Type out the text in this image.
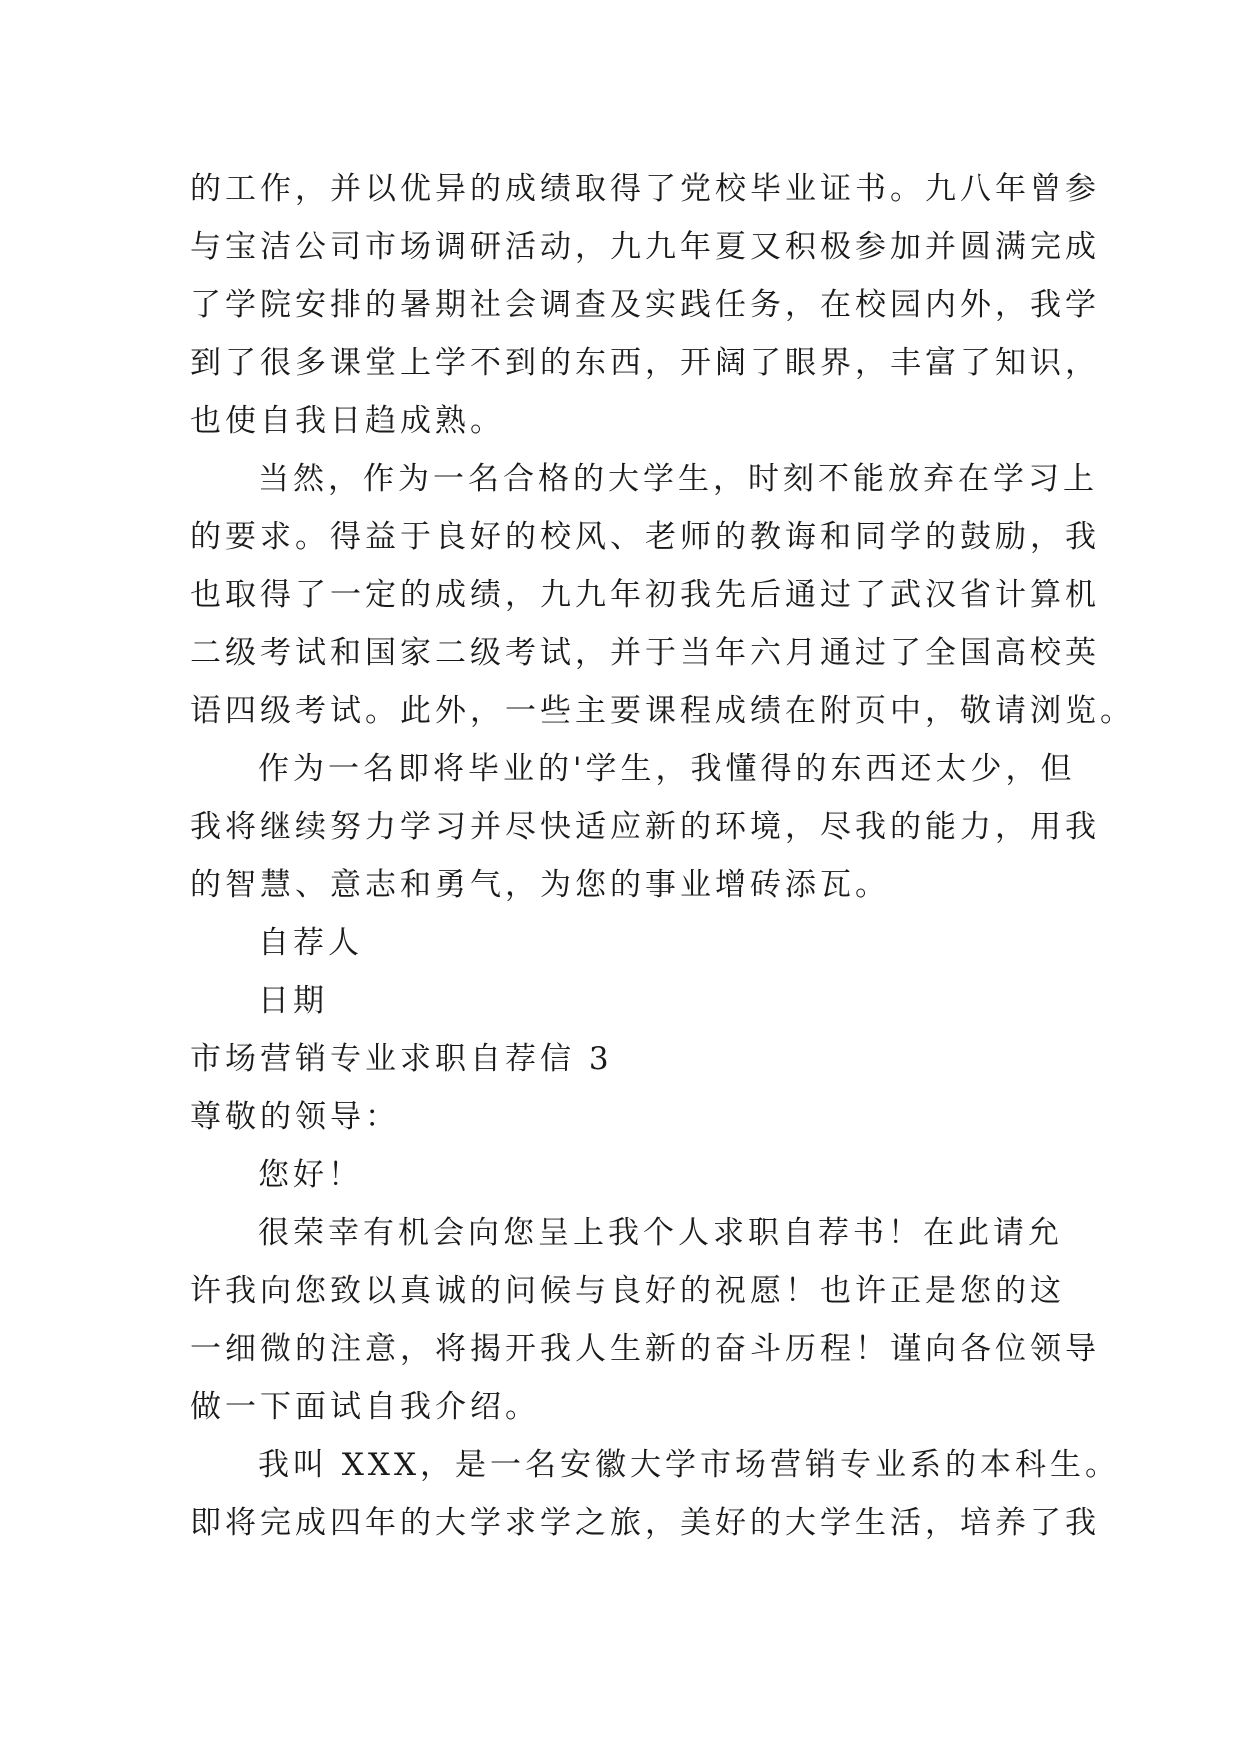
的工作，并以优异的成绩取得了党校毕业证书。九八年曾参
与宝洁公司市场调研活动，九九年夏又积极参加并圆满完成
了学院安排的暑期社会调查及实践任务，在校园内外，我学
到了很多课堂上学不到的东西，开阔了眼界，丰富了知识，
也使自我日趋成熟。
当然，作为一名合格的大学生，时刻不能放弃在学习上
的要求。得益于良好的校风、老师的教诲和同学的鼓励，我
也取得了一定的成绩，九九年初我先后通过了武汉省计算机
二级考试和国家二级考试，并于当年六月通过了全国高校英
语四级考试。此外，一些主要课程成绩在附页中，敬请浏览。
作为一名即将毕业的'学生，我懂得的东西还太少，但
我将继续努力学习并尽快适应新的环境，尽我的能力，用我
的智慧、意志和勇气，为您的事业增砖添瓦。
自荐人
日期
市场营销专业求职自荐信 3
尊敬的领导：
您好！
很荣幸有机会向您呈上我个人求职自荐书！在此请允
许我向您致以真诚的问候与良好的祝愿！也许正是您的这
一细微的注意，将揭开我人生新的奋斗历程！谨向各位领导
做一下面试自我介绍。
我叫 XXX，是一名安徽大学市场营销专业系的本科生。
即将完成四年的大学求学之旅，美好的大学生活，培养了我
